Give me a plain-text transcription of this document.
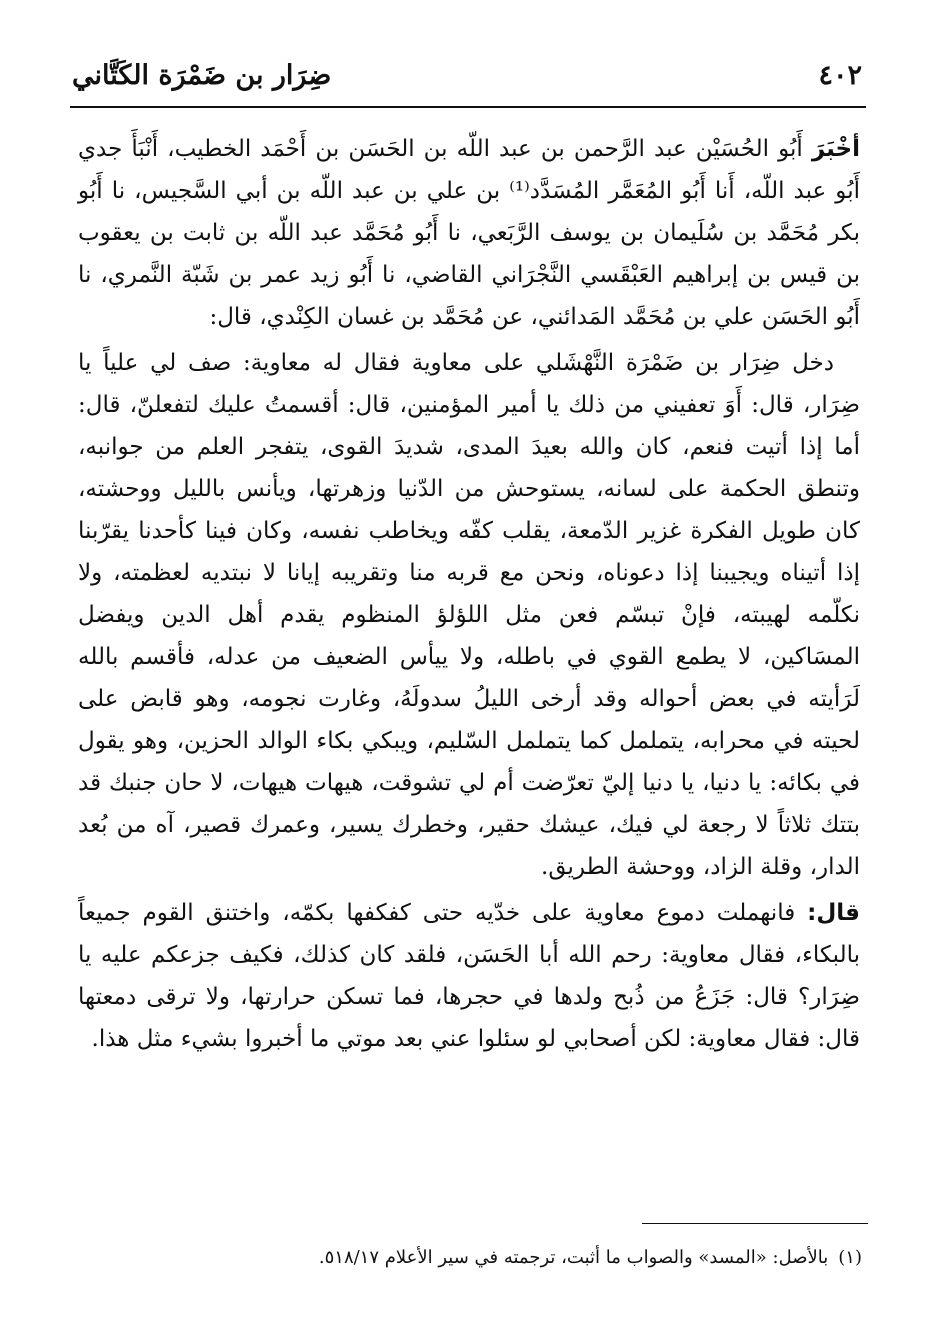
٤٠٢
ضِرَار بن ضَمْرَة الكَتَّاني

أخْبَرَ أَبُو الحُسَيْن عبد الرَّحمن بن عبد اللّه بن الحَسَن بن أَحْمَد الخطيب، أَنْبَأَ جدي أَبُو عبد اللّه، أَنا أَبُو المُعَمَّر المُسَدَّد⁽¹⁾ بن علي بن عبد اللّه بن أبي السَّجيس، نا أَبُو بكر مُحَمَّد بن سُلَيمان بن يوسف الرَّبَعي، نا أَبُو مُحَمَّد عبد اللّه بن ثابت بن يعقوب بن قيس بن إبراهيم العَبْقَسي النَّجْرَاني القاضي، نا أَبُو زيد عمر بن شَبّة النَّمري، نا أَبُو الحَسَن علي بن مُحَمَّد المَدائني، عن مُحَمَّد بن غسان الكِنْدي، قال:

دخل ضِرَار بن ضَمْرَة النَّهْشَلي على معاوية فقال له معاوية: صف لي علياً يا ضِرَار، قال: أَوَ تعفيني من ذلك يا أمير المؤمنين، قال: أقسمتُ عليك لتفعلنّ، قال: أما إذا أتيت فنعم، كان والله بعيدَ المدى، شديدَ القوى، يتفجر العلم من جوانبه، وتنطق الحكمة على لسانه، يستوحش من الدّنيا وزهرتها، ويأنس بالليل ووحشته، كان طويل الفكرة غزير الدّمعة، يقلب كفّه ويخاطب نفسه، وكان فينا كأحدنا يقرّبنا إذا أتيناه ويجيبنا إذا دعوناه، ونحن مع قربه منا وتقريبه إيانا لا نبتديه لعظمته، ولا نكلّمه لهيبته، فإنْ تبسّم فعن مثل اللؤلؤ المنظوم يقدم أهل الدين ويفضل المسَاكين، لا يطمع القوي في باطله، ولا ييأس الضعيف من عدله، فأقسم بالله لَرَأيته في بعض أحواله وقد أرخى الليلُ سدولَهُ، وغارت نجومه، وهو قابض على لحيته في محرابه، يتململ كما يتململ السّليم، ويبكي بكاء الوالد الحزين، وهو يقول في بكائه: يا دنيا، يا دنيا إليّ تعرّضت أم لي تشوقت، هيهات هيهات، لا حان جنبك قد بتتك ثلاثاً لا رجعة لي فيك، عيشك حقير، وخطرك يسير، وعمرك قصير، آه من بُعد الدار، وقلة الزاد، ووحشة الطريق.

قال: فانهملت دموع معاوية على خدّيه حتى كفكفها بكمّه، واختنق القوم جميعاً بالبكاء، فقال معاوية: رحم الله أبا الحَسَن، فلقد كان كذلك، فكيف جزعكم عليه يا ضِرَار؟ قال: جَزَعُ من ذُبح ولدها في حجرها، فما تسكن حرارتها، ولا ترقى دمعتها قال: فقال معاوية: لكن أصحابي لو سئلوا عني بعد موتي ما أخبروا بشيء مثل هذا.

(١)بالأصل: «المسد» والصواب ما أثبت، ترجمته في سير الأعلام ٥١٨/١٧.
